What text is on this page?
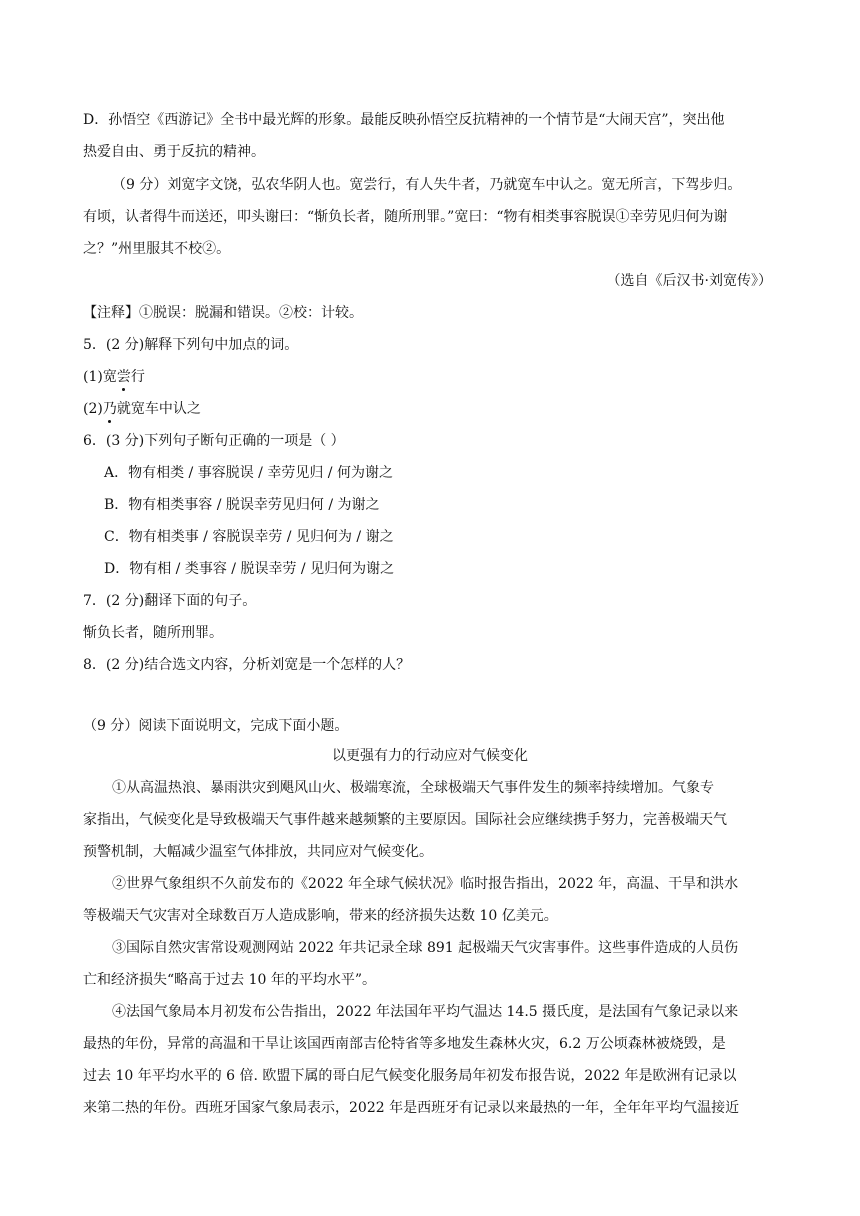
D．孙悟空《西游记》全书中最光辉的形象。最能反映孙悟空反抗精神的一个情节是“大闹天宫”，突出他
热爱自由、勇于反抗的精神。
（9 分）刘宽字文饶，弘农华阴人也。宽尝行，有人失牛者，乃就宽车中认之。宽无所言，下驾步归。
有顷，认者得牛而送还，叩头谢曰：“惭负长者，随所刑罪。”宽曰：“物有相类事容脱误①幸劳见归何为谢
之？”州里服其不校②。
（选自《后汉书·刘宽传》）
【注释】①脱误：脱漏和错误。②校：计较。
5．(2 分)解释下列句中加点的词。
(1)宽尝行
(2)乃就宽车中认之
6．(3 分)下列句子断句正确的一项是（ ）
A．物有相类 / 事容脱误 / 幸劳见归 / 何为谢之
B．物有相类事容 / 脱误幸劳见归何 / 为谢之
C．物有相类事 / 容脱误幸劳 / 见归何为 / 谢之
D．物有相 / 类事容 / 脱误幸劳 / 见归何为谢之
7．(2 分)翻译下面的句子。
惭负长者，随所刑罪。
8．(2 分)结合选文内容，分析刘宽是一个怎样的人？
（9 分）阅读下面说明文，完成下面小题。
以更强有力的行动应对气候变化
①从高温热浪、暴雨洪灾到飓风山火、极端寒流，全球极端天气事件发生的频率持续增加。气象专
家指出，气候变化是导致极端天气事件越来越频繁的主要原因。国际社会应继续携手努力，完善极端天气
预警机制，大幅减少温室气体排放，共同应对气候变化。
②世界气象组织不久前发布的《2022 年全球气候状况》临时报告指出，2022 年，高温、干旱和洪水
等极端天气灾害对全球数百万人造成影响，带来的经济损失达数 10 亿美元。
③国际自然灾害常设观测网站 2022 年共记录全球 891 起极端天气灾害事件。这些事件造成的人员伤
亡和经济损失“略高于过去 10 年的平均水平”。
④法国气象局本月初发布公告指出，2022 年法国年平均气温达 14.5 摄氏度，是法国有气象记录以来
最热的年份，异常的高温和干旱让该国西南部吉伦特省等多地发生森林火灾，6.2 万公顷森林被烧毁，是
过去 10 年平均水平的 6 倍. 欧盟下属的哥白尼气候变化服务局年初发布报告说，2022 年是欧洲有记录以
来第二热的年份。西班牙国家气象局表示，2022 年是西班牙有记录以来最热的一年，全年年平均气温接近
